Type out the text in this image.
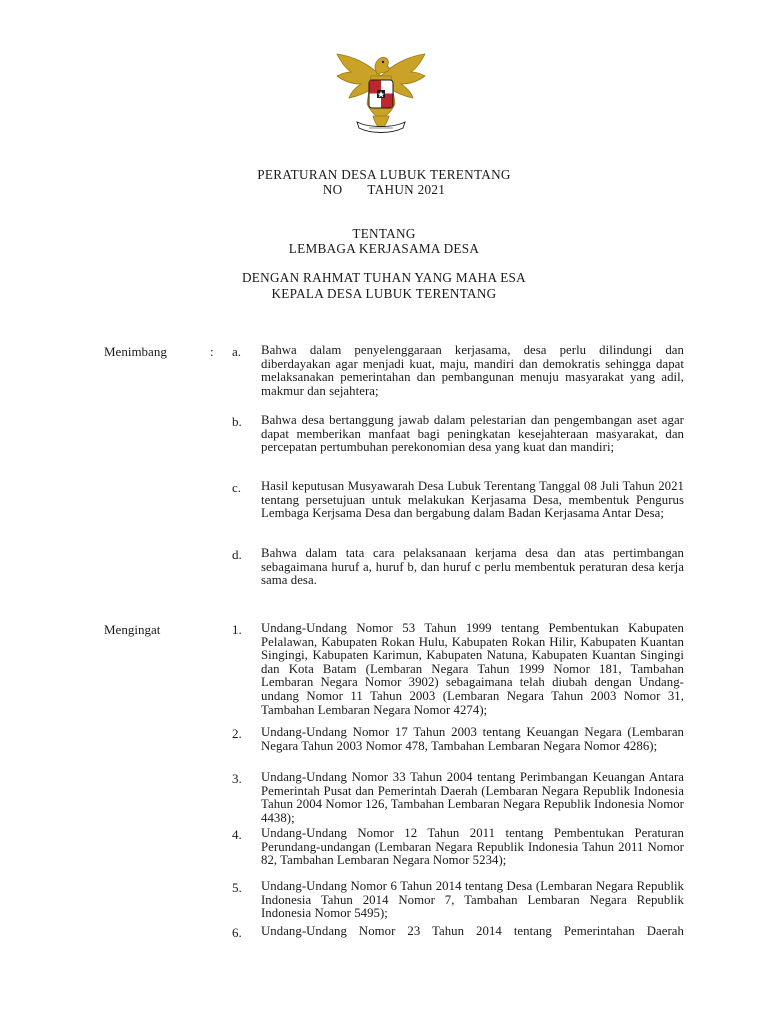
PERATURAN DESA LUBUK TERENTANG
NO       TAHUN 2021
TENTANG
LEMBAGA KERJASAMA DESA
DENGAN RAHMAT TUHAN YANG MAHA ESA
KEPALA DESA LUBUK TERENTANG
Menimbang	: a. Bahwa dalam penyelenggaraan kerjasama, desa perlu dilindungi dan diberdayakan agar menjadi kuat, maju, mandiri dan demokratis sehingga dapat melaksanakan pemerintahan dan pembangunan menuju masyarakat yang adil, makmur dan sejahtera;
b. Bahwa desa bertanggung jawab dalam pelestarian dan pengembangan aset agar dapat memberikan manfaat bagi peningkatan kesejahteraan masyarakat, dan percepatan pertumbuhan perekonomian desa yang kuat dan mandiri;
c. Hasil keputusan Musyawarah Desa Lubuk Terentang Tanggal 08 Juli Tahun 2021 tentang persetujuan untuk melakukan Kerjasama Desa, membentuk Pengurus Lembaga Kerjsama Desa dan bergabung dalam Badan Kerjasama Antar Desa;
d. Bahwa dalam tata cara pelaksanaan kerjama desa dan atas pertimbangan sebagaimana huruf a, huruf b, dan huruf c perlu membentuk peraturan desa kerja sama desa.
Mengingat	1. Undang-Undang Nomor 53 Tahun 1999 tentang Pembentukan Kabupaten Pelalawan, Kabupaten Rokan Hulu, Kabupaten Rokan Hilir, Kabupaten Kuantan Singingi, Kabupaten Karimun, Kabupaten Natuna, Kabupaten Kuantan Singingi dan Kota Batam (Lembaran Negara Tahun 1999 Nomor 181, Tambahan Lembaran Negara Nomor 3902) sebagaimana telah diubah dengan Undang-undang Nomor 11 Tahun 2003 (Lembaran Negara Tahun 2003 Nomor 31, Tambahan Lembaran Negara Nomor 4274);
2. Undang-Undang Nomor 17 Tahun 2003 tentang Keuangan Negara (Lembaran Negara Tahun 2003 Nomor 478, Tambahan Lembaran Negara Nomor 4286);
3. Undang-Undang Nomor 33 Tahun 2004 tentang Perimbangan Keuangan Antara Pemerintah Pusat dan Pemerintah Daerah (Lembaran Negara Republik Indonesia Tahun 2004 Nomor 126, Tambahan Lembaran Negara Republik Indonesia Nomor 4438);
4. Undang-Undang Nomor 12 Tahun 2011 tentang Pembentukan Peraturan Perundang-undangan (Lembaran Negara Republik Indonesia Tahun 2011 Nomor 82, Tambahan Lembaran Negara Nomor 5234);
5. Undang-Undang Nomor 6 Tahun 2014 tentang Desa (Lembaran Negara Republik Indonesia Tahun 2014 Nomor 7, Tambahan Lembaran Negara Republik Indonesia Nomor 5495);
6. Undang-Undang Nomor 23 Tahun 2014 tentang Pemerintahan Daerah
